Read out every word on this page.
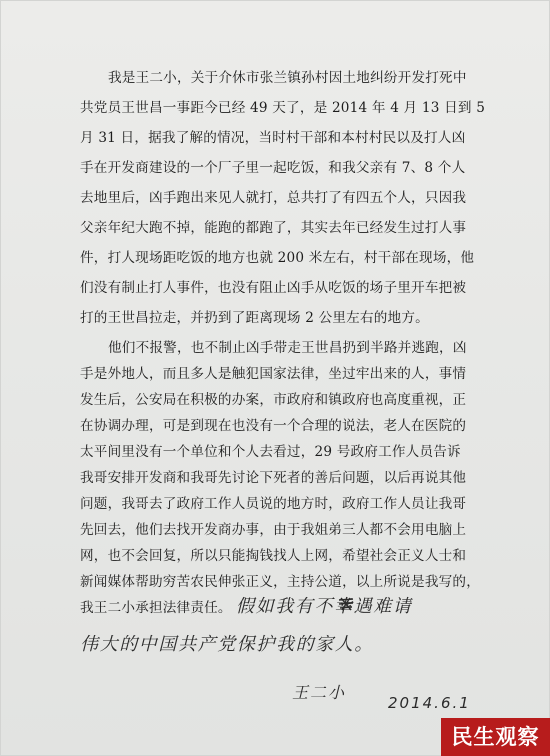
我是王二小，关于介休市张兰镇孙村因土地纠纷开发打死中
共党员王世昌一事距今已经 49 天了，是 2014 年 4 月 13 日到 5
月 31 日，据我了解的情况，当时村干部和本村村民以及打人凶
手在开发商建设的一个厂子里一起吃饭，和我父亲有 7、8 个人
去地里后，凶手跑出来见人就打，总共打了有四五个人，只因我
父亲年纪大跑不掉，能跑的都跑了，其实去年已经发生过打人事
件，打人现场距吃饭的地方也就 200 米左右，村干部在现场，他
们没有制止打人事件，也没有阻止凶手从吃饭的场子里开车把被
打的王世昌拉走，并扔到了距离现场 2 公里左右的地方。
他们不报警，也不制止凶手带走王世昌扔到半路并逃跑，凶
手是外地人，而且多人是触犯国家法律，坐过牢出来的人，事情
发生后，公安局在积极的办案，市政府和镇政府也高度重视，正
在协调办理，可是到现在也没有一个合理的说法，老人在医院的
太平间里没有一个单位和个人去看过，29 号政府工作人员告诉
我哥安排开发商和我哥先讨论下死者的善后问题，以后再说其他
问题，我哥去了政府工作人员说的地方时，政府工作人员让我哥
先回去，他们去找开发商办事，由于我姐弟三人都不会用电脑上
网，也不会回复，所以只能掏钱找人上网，希望社会正义人士和
新闻媒体帮助穷苦农民伸张正义，主持公道，以上所说是我写的，
我王二小承担法律责任。 假如我有不幸遇难请
伟大的中国共产党保护我的家人。
王二小
2014.6.1
民生观察
